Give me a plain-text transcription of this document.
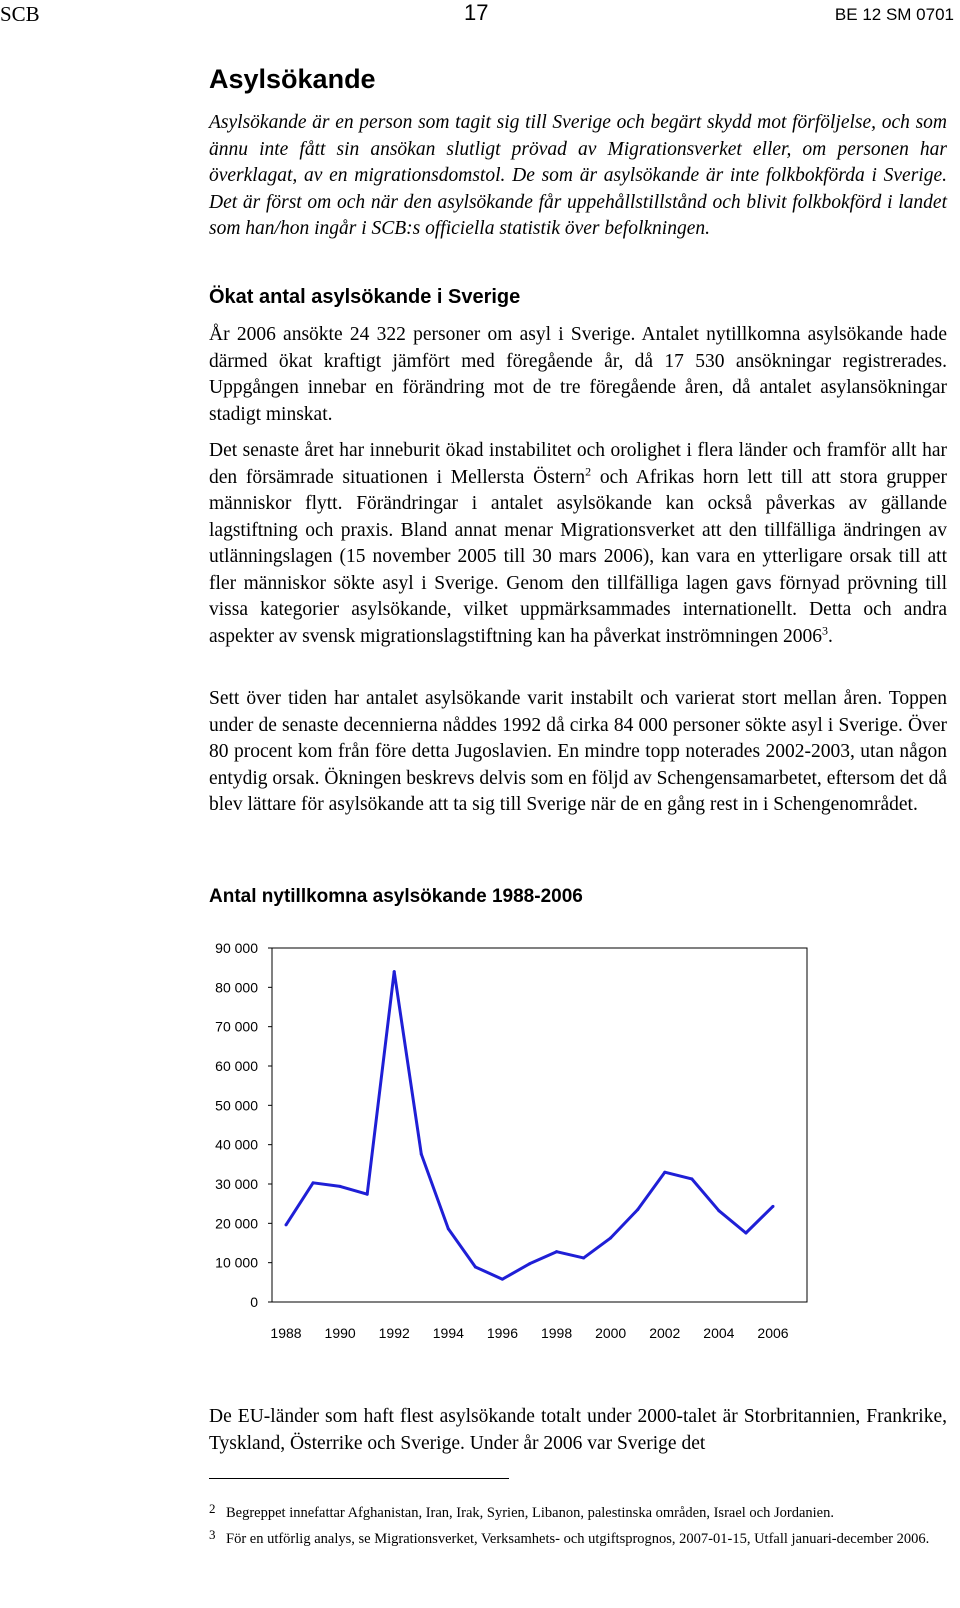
SCB	17	BE 12 SM 0701
Asylsökande

Asylsökande är en person som tagit sig till Sverige och begärt skydd mot förföljelse, och som ännu inte fått sin ansökan slutligt prövad av Migrationsverket eller, om personen har överklagat, av en migrationsdomstol. De som är asylsökande är inte folkbokförda i Sverige. Det är först om och när den asylsökande får uppehållstillstånd och blivit folkbokförd i landet som han/hon ingår i SCB:s officiella statistik över befolkningen.

Ökat antal asylsökande i Sverige

År 2006 ansökte 24 322 personer om asyl i Sverige. Antalet nytillkomna asylsökande hade därmed ökat kraftigt jämfört med föregående år, då 17 530 ansökningar registrerades. Uppgången innebar en förändring mot de tre föregående åren, då antalet asylansökningar stadigt minskat.

Det senaste året har inneburit ökad instabilitet och orolighet i flera länder och framför allt har den försämrade situationen i Mellersta Östern$^2$ och Afrikas horn lett till att stora grupper människor flytt. Förändringar i antalet asylsökande kan också påverkas av gällande lagstiftning och praxis. Bland annat menar Migrationsverket att den tillfälliga ändringen av utlänningslagen (15 november 2005 till 30 mars 2006), kan vara en ytterligare orsak till att fler människor sökte asyl i Sverige. Genom den tillfälliga lagen gavs förnyad prövning till vissa kategorier asylsökande, vilket uppmärksammades internationellt. Detta och andra aspekter av svensk migrationslagstiftning kan ha påverkat inströmningen 2006$^3$.

Sett över tiden har antalet asylsökande varit instabilt och varierat stort mellan åren. Toppen under de senaste decennierna nåddes 1992 då cirka 84 000 personer sökte asyl i Sverige. Över 80 procent kom från före detta Jugoslavien. En mindre topp noterades 2002-2003, utan någon entydig orsak. Ökningen beskrevs delvis som en följd av Schengensamarbetet, eftersom det då blev lättare för asylsökande att ta sig till Sverige när de en gång rest in i Schengenområdet.

Antal nytillkomna asylsökande 1988-2006
0
10 000
20 000
30 000
40 000
50 000
60 000
70 000
80 000
90 000
1988 1990 1992 1994 1996 1998 2000 2002 2004 2006

De EU-länder som haft flest asylsökande totalt under 2000-talet är Storbritannien, Frankrike, Tyskland, Österrike och Sverige. Under år 2006 var Sverige det

2 Begreppet innefattar Afghanistan, Iran, Irak, Syrien, Libanon, palestinska områden, Israel och Jordanien.
3 För en utförlig analys, se Migrationsverket, Verksamhets- och utgiftsprognos, 2007-01-15, Utfall januari-december 2006.
